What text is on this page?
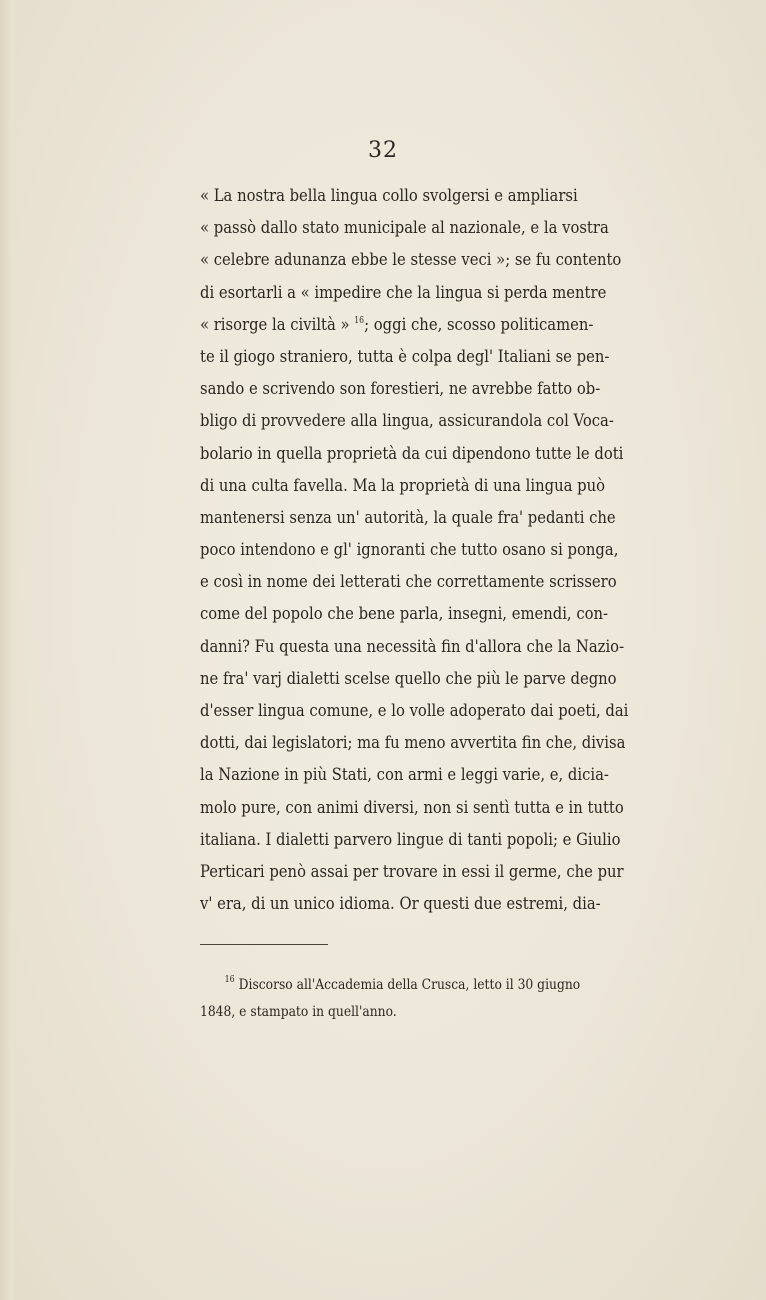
32
« La nostra bella lingua collo svolgersi e ampliarsi
« passò dallo stato municipale al nazionale, e la vostra
« celebre adunanza ebbe le stesse veci »; se fu contento
di esortarli a « impedire che la lingua si perda mentre
« risorge la civiltà » $^{16}$; oggi che, scosso politicamen-
te il giogo straniero, tutta è colpa degl' Italiani se pen-
sando e scrivendo son forestieri, ne avrebbe fatto ob-
bligo di provvedere alla lingua, assicurandola col Voca-
bolario in quella proprietà da cui dipendono tutte le doti
di una culta favella. Ma la proprietà di una lingua può
mantenersi senza un' autorità, la quale fra' pedanti che
poco intendono e gl' ignoranti che tutto osano si ponga,
e così in nome dei letterati che correttamente scrissero
come del popolo che bene parla, insegni, emendi, con-
danni? Fu questa una necessità fin d'allora che la Nazio-
ne fra' varj dialetti scelse quello che più le parve degno
d'esser lingua comune, e lo volle adoperato dai poeti, dai
dotti, dai legislatori; ma fu meno avvertita fin che, divisa
la Nazione in più Stati, con armi e leggi varie, e, dicia-
molo pure, con animi diversi, non si sentì tutta e in tutto
italiana. I dialetti parvero lingue di tanti popoli; e Giulio
Perticari penò assai per trovare in essi il germe, che pur
v' era, di un unico idioma. Or questi due estremi, dia-
$^{16}$ Discorso all'Accademia della Crusca, letto il 30 giugno
1848, e stampato in quell'anno.
